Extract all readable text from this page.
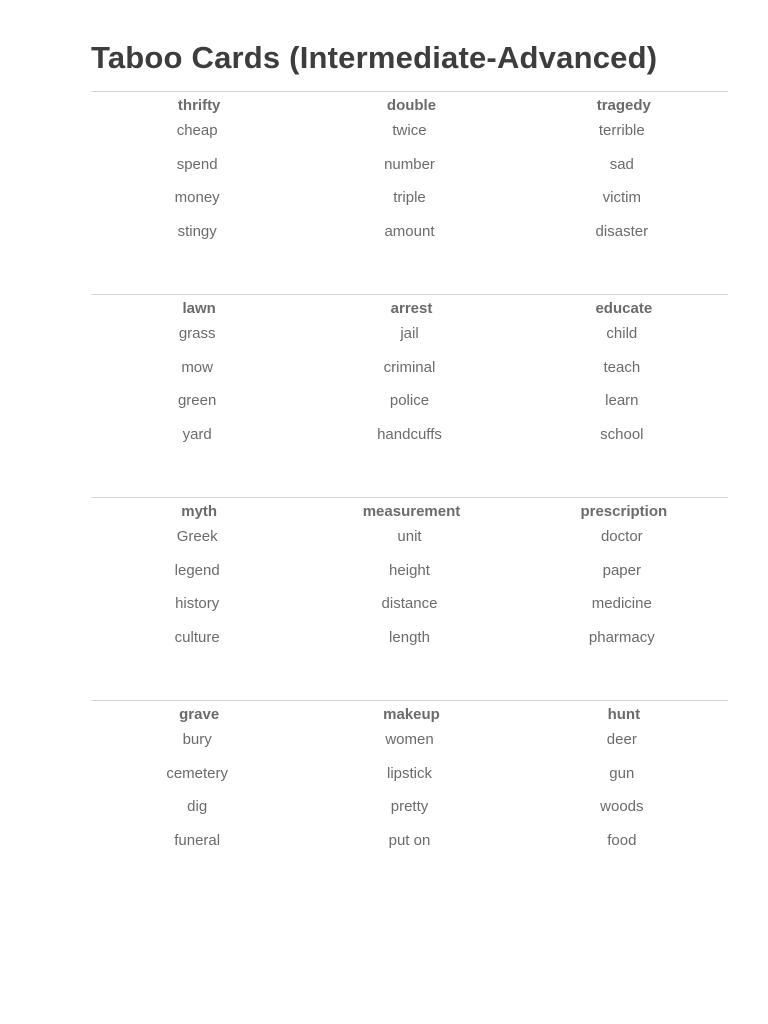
Taboo Cards (Intermediate-Advanced)
thrifty
cheap
spend
money
stingy
double
twice
number
triple
amount
tragedy
terrible
sad
victim
disaster
lawn
grass
mow
green
yard
arrest
jail
criminal
police
handcuffs
educate
child
teach
learn
school
myth
Greek
legend
history
culture
measurement
unit
height
distance
length
prescription
doctor
paper
medicine
pharmacy
grave
bury
cemetery
dig
funeral
makeup
women
lipstick
pretty
put on
hunt
deer
gun
woods
food
